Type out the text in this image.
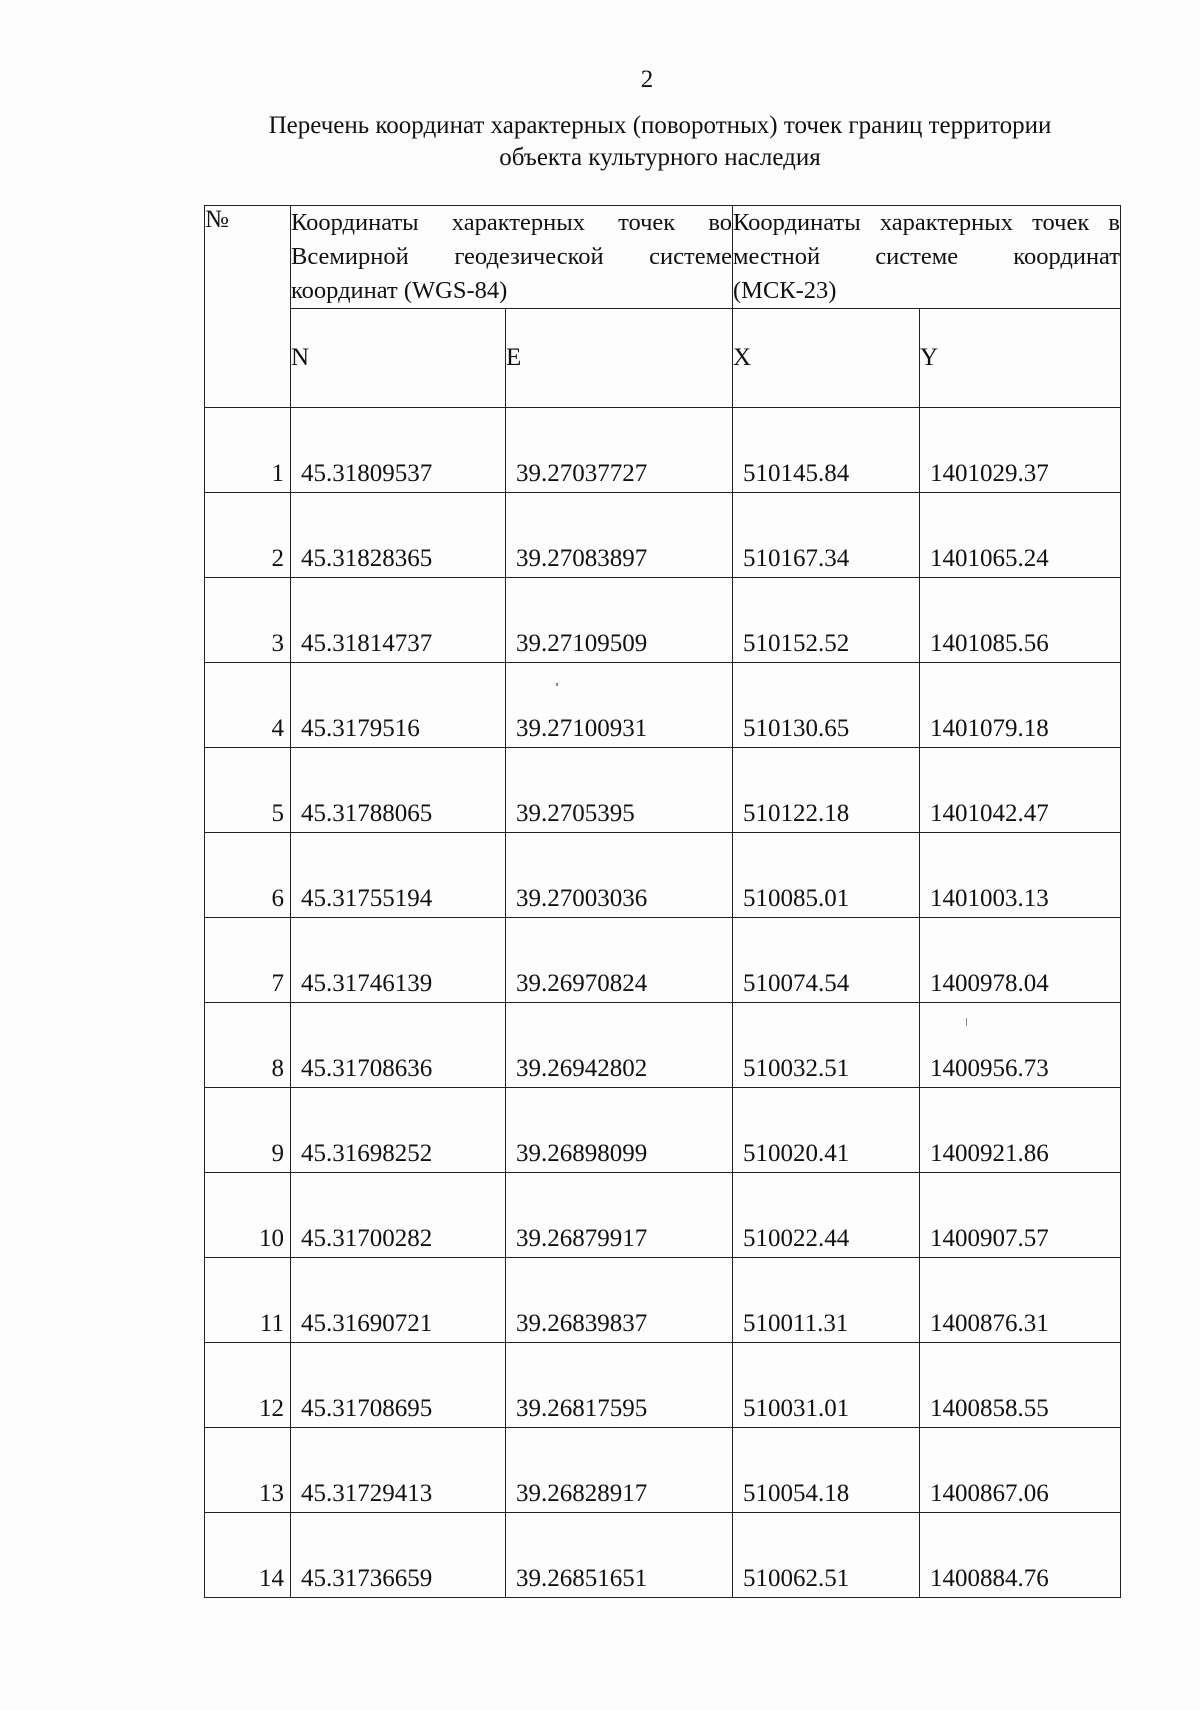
2
Перечень координат характерных (поворотных) точек границ территории
объекта культурного наследия
№	Координаты характерных точек во Всемирной геодезической системе координат (WGS-84)		Координаты характерных точек в местной системе координат (МСК-23)	
	N	E	X	Y
1	45.31809537	39.27037727	510145.84	1401029.37
2	45.31828365	39.27083897	510167.34	1401065.24
3	45.31814737	39.27109509	510152.52	1401085.56
4	45.3179516	39.27100931	510130.65	1401079.18
5	45.31788065	39.2705395	510122.18	1401042.47
6	45.31755194	39.27003036	510085.01	1401003.13
7	45.31746139	39.26970824	510074.54	1400978.04
8	45.31708636	39.26942802	510032.51	1400956.73
9	45.31698252	39.26898099	510020.41	1400921.86
10	45.31700282	39.26879917	510022.44	1400907.57
11	45.31690721	39.26839837	510011.31	1400876.31
12	45.31708695	39.26817595	510031.01	1400858.55
13	45.31729413	39.26828917	510054.18	1400867.06
14	45.31736659	39.26851651	510062.51	1400884.76
